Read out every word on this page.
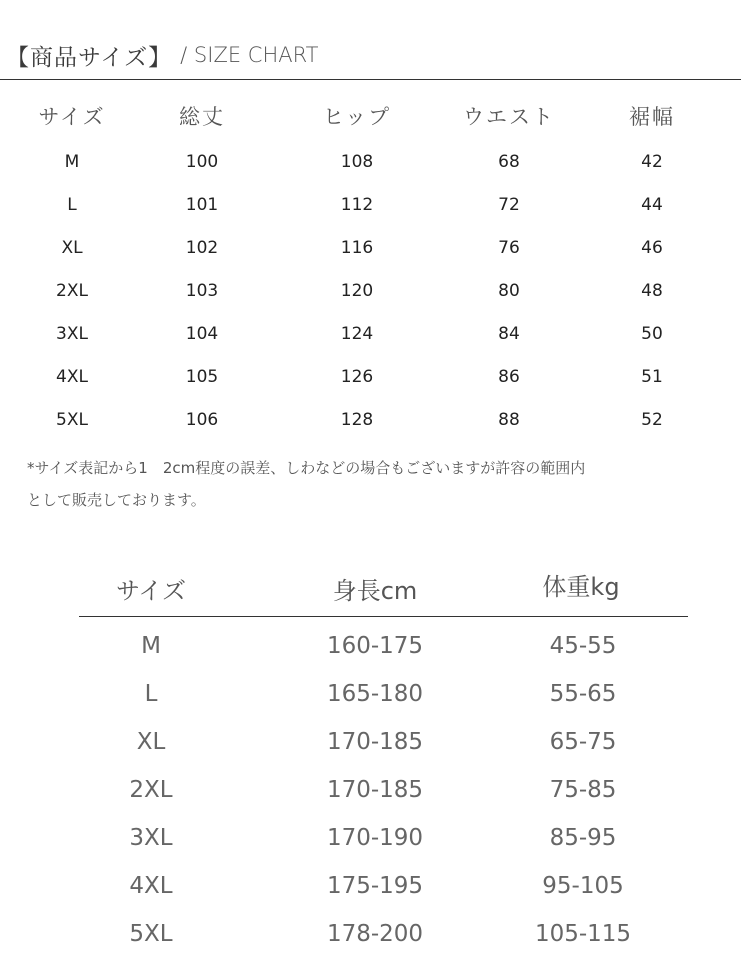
【商品サイズ】 / SIZE CHART
サイズ	総丈	ヒップ	ウエスト	裾幅
M	100	108	68	42
L	101	112	72	44
XL	102	116	76	46
2XL	103	120	80	48
3XL	104	124	84	50
4XL	105	126	86	51
5XL	106	128	88	52
*サイズ表記から1　2cm程度の誤差、しわなどの場合もございますが許容の範囲内
として販売しております。
サイズ	身長cm	体重kg
M	160-175	45-55
L	165-180	55-65
XL	170-185	65-75
2XL	170-185	75-85
3XL	170-190	85-95
4XL	175-195	95-105
5XL	178-200	105-115
